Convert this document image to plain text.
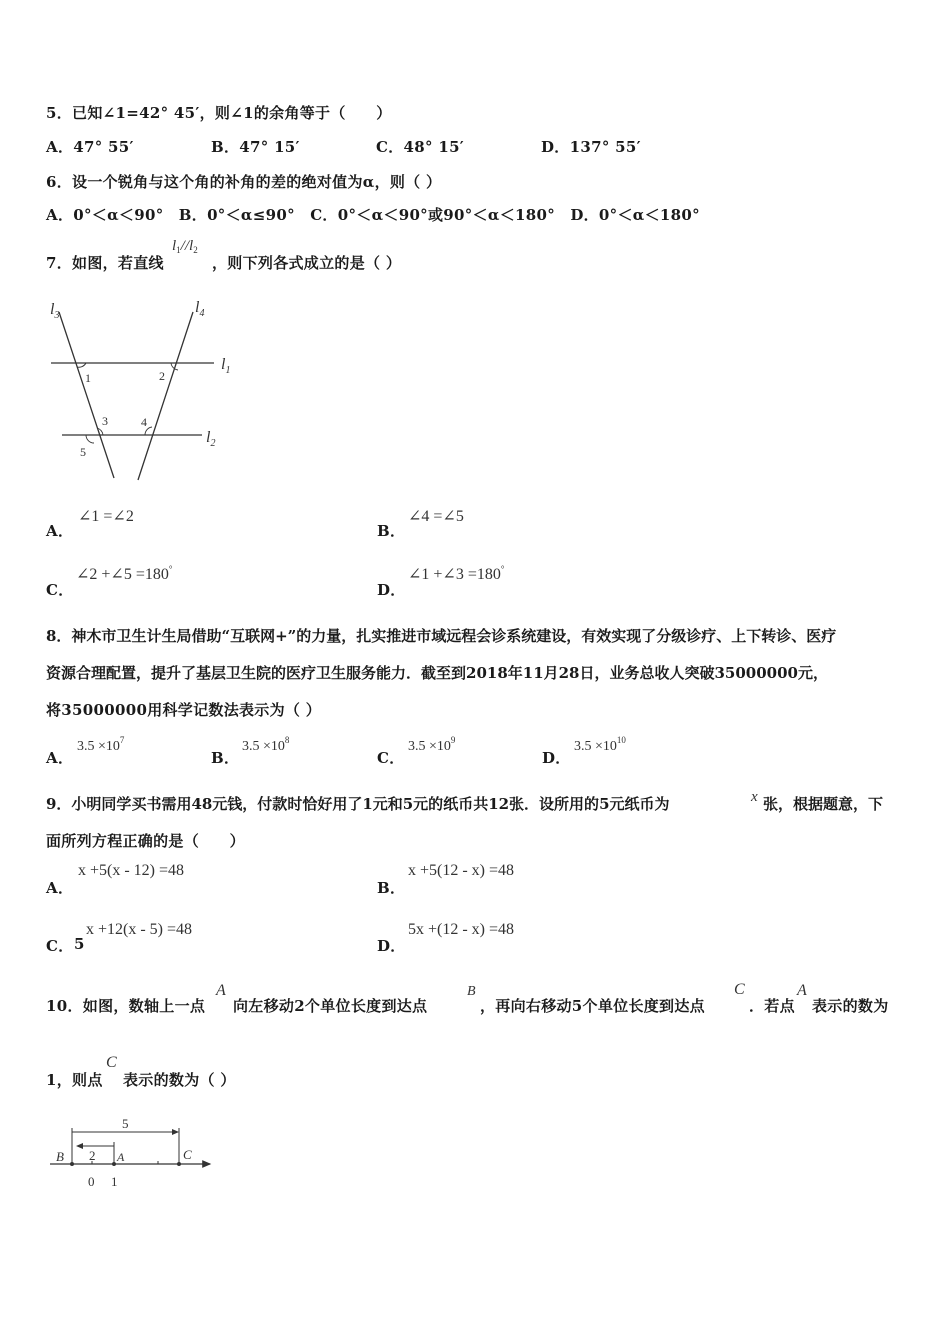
5．已知∠1=42° 45′，则∠1的余角等于（　　）
A．47° 55′	B．47° 15′	C．48° 15′	D．137° 55′
6．设一个锐角与这个角的补角的差的绝对值为α，则（ ）
A．0°＜α＜90°　B．0°＜α≤90°　C．0°＜α＜90°或90°＜α＜180°　D．0°＜α＜180°
7．如图，若直线
$l_1//l_2$
，则下列各式成立的是（ ）
$l_3$	$l_4$
$l_1$
$l_2$
1	2
3	4
5
A．
∠1 =∠2
B．
∠4 =∠5
C．
∠2 +∠5 =180°
D．
∠1 +∠3 =180°
8．神木市卫生计生局借助“互联网+”的力量，扎实推进市域远程会诊系统建设，有效实现了分级诊疗、上下转诊、医疗
资源合理配置，提升了基层卫生院的医疗卫生服务能力．截至到2018年11月28日，业务总收人突破35000000元，
将35000000用科学记数法表示为（ ）
A．
$3.5 \times 10^7$
B．
$3.5 \times 10^8$
C．
$3.5 \times 10^9$
D．
$3.5 \times 10^{10}$
9．小明同学买书需用48元钱，付款时恰好用了1元和5元的纸币共12张．设所用的5元纸币为	x 张，根据题意，下
面所列方程正确的是（　　）
A．
x +5(x - 12) =48
B．
x +5(12 - x) =48
C． 5
x +12(x - 5) =48
D．
5x +(12 - x) =48
10．如图，数轴上一点
A
向左移动2个单位长度到达点
B
，再向右移动5个单位长度到达点
C
．若点
A
表示的数为
1，则点
C
表示的数为（ ）
5
2
B	A	C
0 1
